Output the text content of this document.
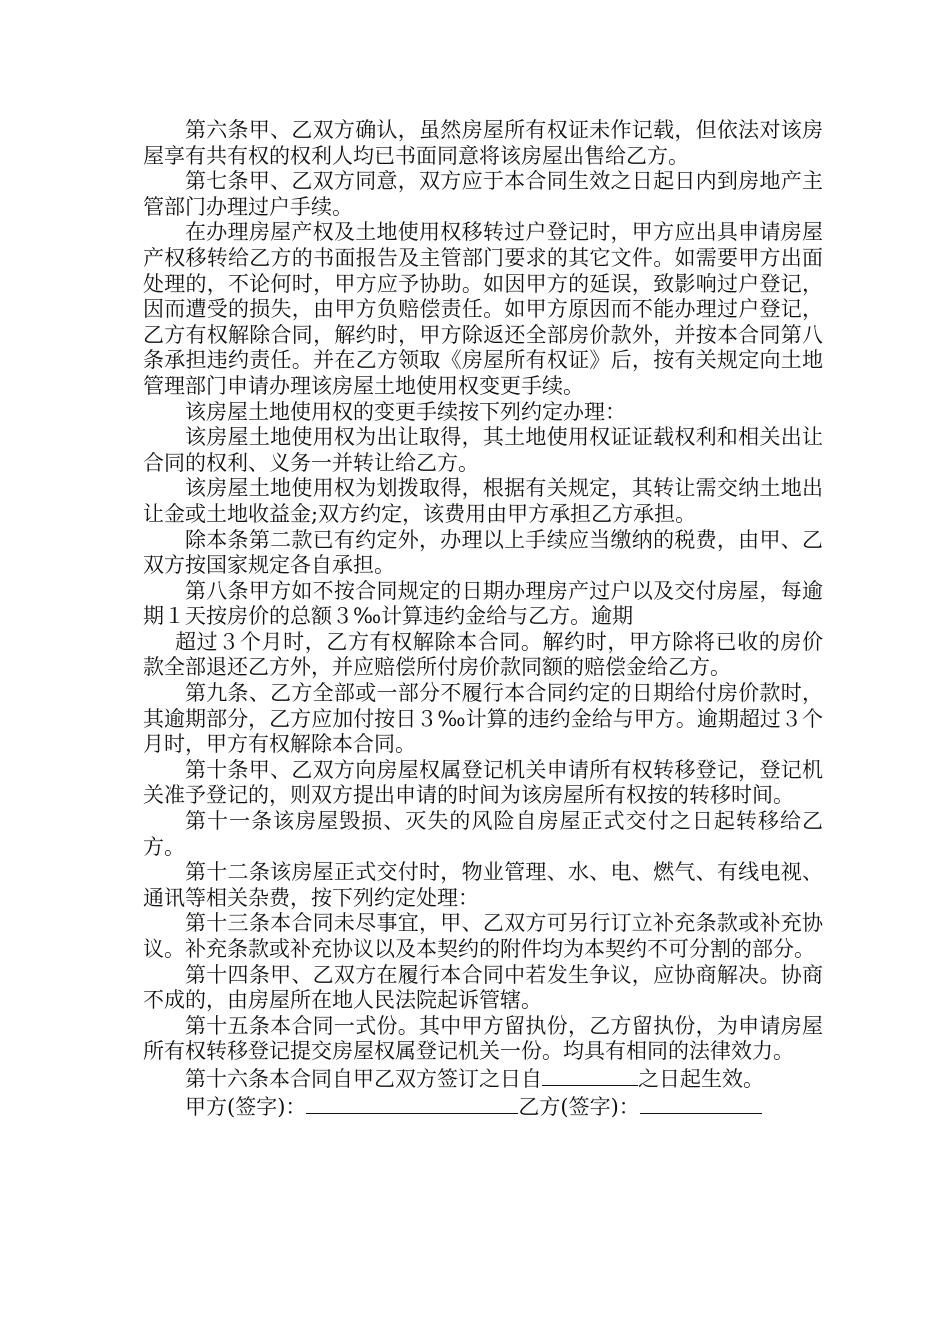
第六条甲、乙双方确认，虽然房屋所有权证未作记载，但依法对该房屋享有共有权的权利人均已书面同意将该房屋出售给乙方。

第七条甲、乙双方同意，双方应于本合同生效之日起日内到房地产主管部门办理过户手续。

在办理房屋产权及土地使用权移转过户登记时，甲方应出具申请房屋产权移转给乙方的书面报告及主管部门要求的其它文件。如需要甲方出面处理的，不论何时，甲方应予协助。如因甲方的延误，致影响过户登记，因而遭受的损失，由甲方负赔偿责任。如甲方原因而不能办理过户登记，乙方有权解除合同，解约时，甲方除返还全部房价款外，并按本合同第八条承担违约责任。并在乙方领取《房屋所有权证》后，按有关规定向土地管理部门申请办理该房屋土地使用权变更手续。

该房屋土地使用权的变更手续按下列约定办理：

该房屋土地使用权为出让取得，其土地使用权证证载权利和相关出让合同的权利、义务一并转让给乙方。

该房屋土地使用权为划拨取得，根据有关规定，其转让需交纳土地出让金或土地收益金;双方约定，该费用由甲方承担乙方承担。

除本条第二款已有约定外，办理以上手续应当缴纳的税费，由甲、乙双方按国家规定各自承担。

第八条甲方如不按合同规定的日期办理房产过户以及交付房屋，每逾期１天按房价的总额３‰计算违约金给与乙方。逾期

超过３个月时，乙方有权解除本合同。解约时，甲方除将已收的房价款全部退还乙方外，并应赔偿所付房价款同额的赔偿金给乙方。

第九条、乙方全部或一部分不履行本合同约定的日期给付房价款时，其逾期部分，乙方应加付按日３‰计算的违约金给与甲方。逾期超过３个月时，甲方有权解除本合同。

第十条甲、乙双方向房屋权属登记机关申请所有权转移登记，登记机关准予登记的，则双方提出申请的时间为该房屋所有权按的转移时间。

第十一条该房屋毁损、灭失的风险自房屋正式交付之日起转移给乙方。

第十二条该房屋正式交付时，物业管理、水、电、燃气、有线电视、通讯等相关杂费，按下列约定处理：

第十三条本合同未尽事宜，甲、乙双方可另行订立补充条款或补充协议。补充条款或补充协议以及本契约的附件均为本契约不可分割的部分。

第十四条甲、乙双方在履行本合同中若发生争议，应协商解决。协商不成的，由房屋所在地人民法院起诉管辖。

第十五条本合同一式份。其中甲方留执份，乙方留执份，为申请房屋所有权转移登记提交房屋权属登记机关一份。均具有相同的法律效力。

第十六条本合同自甲乙双方签订之日自	之日起生效。

甲方(签字)：	乙方(签字)：
